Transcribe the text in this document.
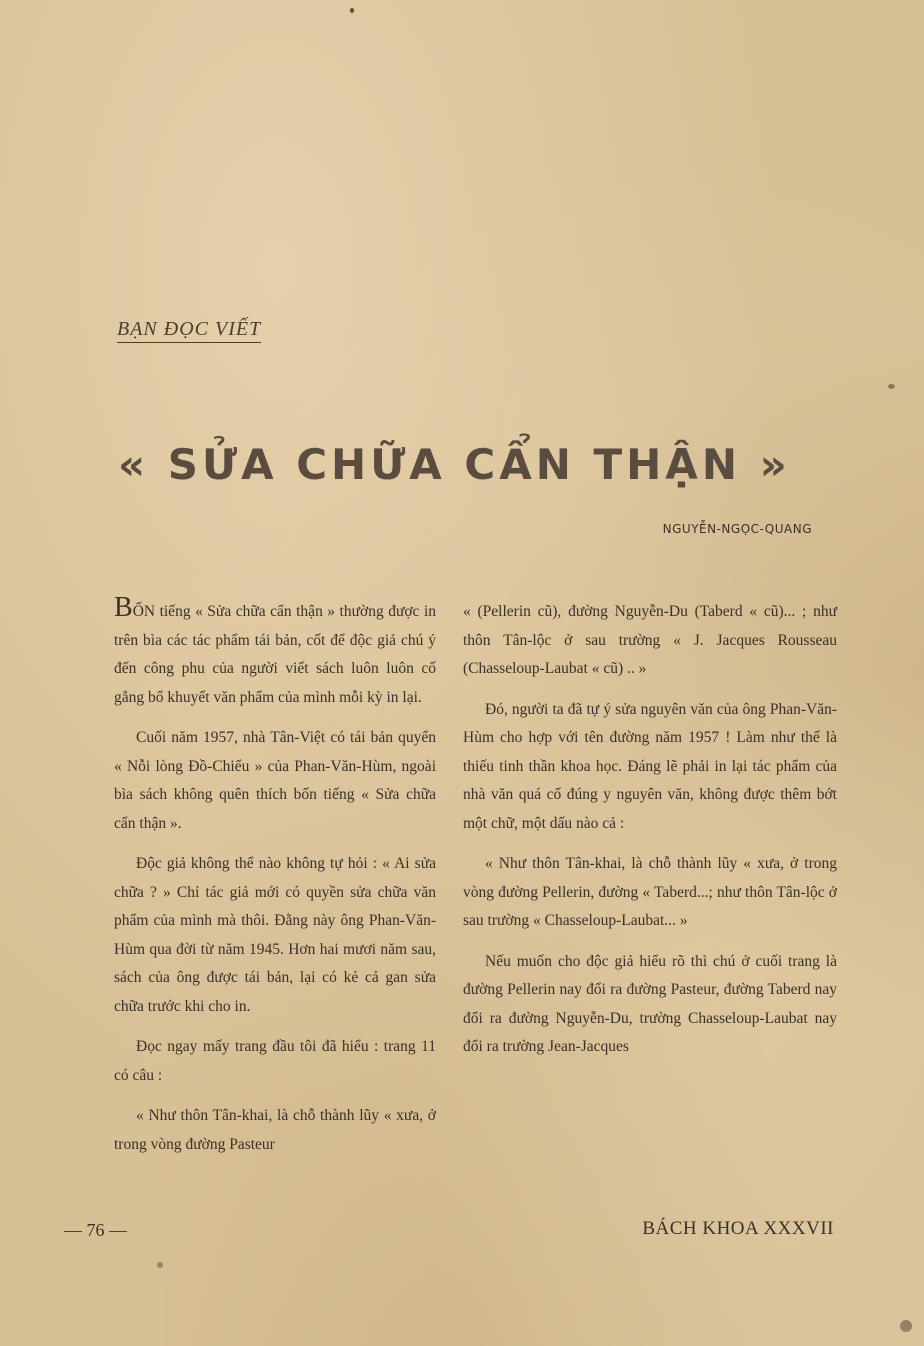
BẠN ĐỌC VIẾT
« SỬA CHỮA CẨN THẬN »
NGUYỄN-NGỌC-QUANG

BỐN tiếng « Sửa chữa cẩn thận » thường được in trên bìa các tác phẩm tái bản, cốt để độc giả chú ý đến công phu của người viết sách luôn luôn cố gắng bổ khuyết văn phẩm của mình mỗi kỳ in lại.

Cuối năm 1957, nhà Tân-Việt có tái bản quyển « Nỗi lòng Đồ-Chiểu » của Phan-Văn-Hùm, ngoài bìa sách không quên thích bốn tiếng « Sửa chữa cẩn thận ».

Độc giả không thể nào không tự hỏi : « Ai sửa chữa ? » Chỉ tác giả mới có quyền sửa chữa văn phẩm của mình mà thôi. Đằng này ông Phan-Văn-Hùm qua đời từ năm 1945. Hơn hai mươi năm sau, sách của ông được tái bản, lại có kẻ cả gan sửa chữa trước khi cho in.

Đọc ngay mấy trang đầu tôi đã hiểu : trang 11 có câu :

« Như thôn Tân-khai, là chỗ thành lũy « xưa, ở trong vòng đường Pasteur

« (Pellerin cũ), đường Nguyễn-Du (Taberd « cũ)... ; như thôn Tân-lộc ở sau trường « J. Jacques Rousseau (Chasseloup-Laubat « cũ) .. »

Đó, người ta đã tự ý sửa nguyên văn của ông Phan-Văn-Hùm cho hợp với tên đường năm 1957 ! Làm như thế là thiếu tinh thần khoa học. Đáng lẽ phải in lại tác phẩm của nhà văn quá cố đúng y nguyên văn, không được thêm bớt một chữ, một dấu nào cả :

« Như thôn Tân-khai, là chỗ thành lũy « xưa, ở trong vòng đường Pellerin, đường « Taberd...; như thôn Tân-lộc ở sau trường « Chasseloup-Laubat... »

Nếu muốn cho độc giả hiểu rõ thì chú ở cuối trang là đường Pellerin nay đổi ra đường Pasteur, đường Taberd nay đổi ra đường Nguyễn-Du, trường Chasseloup-Laubat nay đổi ra trường Jean-Jacques

— 76 —	BÁCH KHOA XXXVII
